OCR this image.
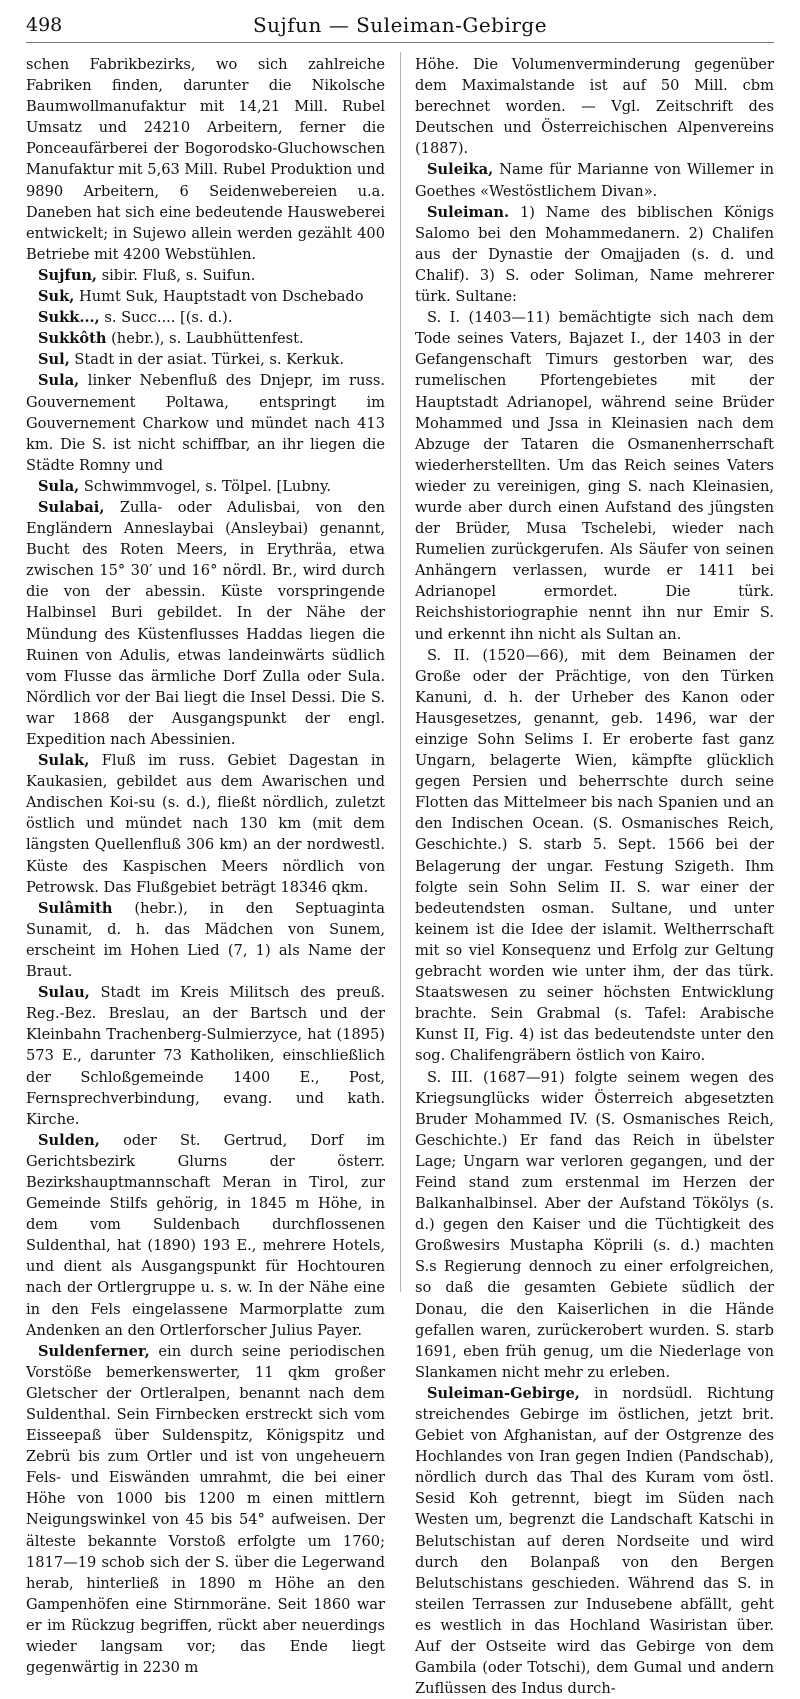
498	Sujfun — Suleiman-Gebirge

schen Fabrikbezirks, wo sich zahlreiche Fabriken finden, darunter die Nikolsche Baumwollmanufaktur mit 14,21 Mill. Rubel Umsatz und 24210 Arbeitern, ferner die Ponceaufärberei der Bogorodsko-Gluchowschen Manufaktur mit 5,63 Mill. Rubel Produktion und 9890 Arbeitern, 6 Seidenwebereien u.a. Daneben hat sich eine bedeutende Hausweberei entwickelt; in Sujewo allein werden gezählt 400 Betriebe mit 4200 Webstühlen.

Sujfun, sibir. Fluß, s. Suifun.

Suk, Humt Suk, Hauptstadt von Dschebado

Sukk..., s. Succ.... [(s. d.).

Sukkôth (hebr.), s. Laubhüttenfest.

Sul, Stadt in der asiat. Türkei, s. Kerkuk.

Sula, linker Nebenfluß des Dnjepr, im russ. Gouvernement Poltawa, entspringt im Gouvernement Charkow und mündet nach 413 km. Die S. ist nicht schiffbar, an ihr liegen die Städte Romny und

Sula, Schwimmvogel, s. Tölpel. [Lubny.

Sulabai, Zulla- oder Adulisbai, von den Engländern Anneslaybai (Ansleybai) genannt, Bucht des Roten Meers, in Erythräa, etwa zwischen 15° 30′ und 16° nördl. Br., wird durch die von der abessin. Küste vorspringende Halbinsel Buri gebildet. In der Nähe der Mündung des Küstenflusses Haddas liegen die Ruinen von Adulis, etwas landeinwärts südlich vom Flusse das ärmliche Dorf Zulla oder Sula. Nördlich vor der Bai liegt die Insel Dessi. Die S. war 1868 der Ausgangspunkt der engl. Expedition nach Abessinien.

Sulak, Fluß im russ. Gebiet Dagestan in Kaukasien, gebildet aus dem Awarischen und Andischen Koi-su (s. d.), fließt nördlich, zuletzt östlich und mündet nach 130 km (mit dem längsten Quellenfluß 306 km) an der nordwestl. Küste des Kaspischen Meers nördlich von Petrowsk. Das Flußgebiet beträgt 18346 qkm.

Sulâmith (hebr.), in den Septuaginta Sunamit, d. h. das Mädchen von Sunem, erscheint im Hohen Lied (7, 1) als Name der Braut.

Sulau, Stadt im Kreis Militsch des preuß. Reg.-Bez. Breslau, an der Bartsch und der Kleinbahn Trachenberg-Sulmierzyce, hat (1895) 573 E., darunter 73 Katholiken, einschließlich der Schloßgemeinde 1400 E., Post, Fernsprechverbindung, evang. und kath. Kirche.

Sulden, oder St. Gertrud, Dorf im Gerichtsbezirk Glurns der österr. Bezirkshauptmannschaft Meran in Tirol, zur Gemeinde Stilfs gehörig, in 1845 m Höhe, in dem vom Suldenbach durchflossenen Suldenthal, hat (1890) 193 E., mehrere Hotels, und dient als Ausgangspunkt für Hochtouren nach der Ortlergruppe u. s. w. In der Nähe eine in den Fels eingelassene Marmorplatte zum Andenken an den Ortlerforscher Julius Payer.

Suldenferner, ein durch seine periodischen Vorstöße bemerkenswerter, 11 qkm großer Gletscher der Ortleralpen, benannt nach dem Suldenthal. Sein Firnbecken erstreckt sich vom Eisseepaß über Suldenspitz, Königspitz und Zebrü bis zum Ortler und ist von ungeheuern Fels- und Eiswänden umrahmt, die bei einer Höhe von 1000 bis 1200 m einen mittlern Neigungswinkel von 45 bis 54° aufweisen. Der älteste bekannte Vorstoß erfolgte um 1760; 1817—19 schob sich der S. über die Legerwand herab, hinterließ in 1890 m Höhe an den Gampenhöfen eine Stirnmoräne. Seit 1860 war er im Rückzug begriffen, rückt aber neuerdings wieder langsam vor; das Ende liegt gegenwärtig in 2230 m

Höhe. Die Volumenverminderung gegenüber dem Maximalstande ist auf 50 Mill. cbm berechnet worden. — Vgl. Zeitschrift des Deutschen und Österreichischen Alpenvereins (1887).

Suleika, Name für Marianne von Willemer in Goethes «Westöstlichem Divan».

Suleiman. 1) Name des biblischen Königs Salomo bei den Mohammedanern. 2) Chalifen aus der Dynastie der Omajjaden (s. d. und Chalif). 3) S. oder Soliman, Name mehrerer türk. Sultane:

S. I. (1403—11) bemächtigte sich nach dem Tode seines Vaters, Bajazet I., der 1403 in der Gefangenschaft Timurs gestorben war, des rumelischen Pfortengebietes mit der Hauptstadt Adrianopel, während seine Brüder Mohammed und Jssa in Kleinasien nach dem Abzuge der Tataren die Osmanenherrschaft wiederherstellten. Um das Reich seines Vaters wieder zu vereinigen, ging S. nach Kleinasien, wurde aber durch einen Aufstand des jüngsten der Brüder, Musa Tschelebi, wieder nach Rumelien zurückgerufen. Als Säufer von seinen Anhängern verlassen, wurde er 1411 bei Adrianopel ermordet. Die türk. Reichshistoriographie nennt ihn nur Emir S. und erkennt ihn nicht als Sultan an.

S. II. (1520—66), mit dem Beinamen der Große oder der Prächtige, von den Türken Kanuni, d. h. der Urheber des Kanon oder Hausgesetzes, genannt, geb. 1496, war der einzige Sohn Selims I. Er eroberte fast ganz Ungarn, belagerte Wien, kämpfte glücklich gegen Persien und beherrschte durch seine Flotten das Mittelmeer bis nach Spanien und an den Indischen Ocean. (S. Osmanisches Reich, Geschichte.) S. starb 5. Sept. 1566 bei der Belagerung der ungar. Festung Szigeth. Ihm folgte sein Sohn Selim II. S. war einer der bedeutendsten osman. Sultane, und unter keinem ist die Idee der islamit. Weltherrschaft mit so viel Konsequenz und Erfolg zur Geltung gebracht worden wie unter ihm, der das türk. Staatswesen zu seiner höchsten Entwicklung brachte. Sein Grabmal (s. Tafel: Arabische Kunst II, Fig. 4) ist das bedeutendste unter den sog. Chalifengräbern östlich von Kairo.

S. III. (1687—91) folgte seinem wegen des Kriegsunglücks wider Österreich abgesetzten Bruder Mohammed IV. (S. Osmanisches Reich, Geschichte.) Er fand das Reich in übelster Lage; Ungarn war verloren gegangen, und der Feind stand zum erstenmal im Herzen der Balkanhalbinsel. Aber der Aufstand Tökölys (s. d.) gegen den Kaiser und die Tüchtigkeit des Großwesirs Mustapha Köprili (s. d.) machten S.s Regierung dennoch zu einer erfolgreichen, so daß die gesamten Gebiete südlich der Donau, die den Kaiserlichen in die Hände gefallen waren, zurückerobert wurden. S. starb 1691, eben früh genug, um die Niederlage von Slankamen nicht mehr zu erleben.

Suleiman-Gebirge, in nordsüdl. Richtung streichendes Gebirge im östlichen, jetzt brit. Gebiet von Afghanistan, auf der Ostgrenze des Hochlandes von Iran gegen Indien (Pandschab), nördlich durch das Thal des Kuram vom östl. Sesid Koh getrennt, biegt im Süden nach Westen um, begrenzt die Landschaft Katschi in Belutschistan auf deren Nordseite und wird durch den Bolanpaß von den Bergen Belutschistans geschieden. Während das S. in steilen Terrassen zur Indusebene abfällt, geht es westlich in das Hochland Wasiristan über. Auf der Ostseite wird das Gebirge von dem Gambila (oder Totschi), dem Gumal und andern Zuflüssen des Indus durch-
